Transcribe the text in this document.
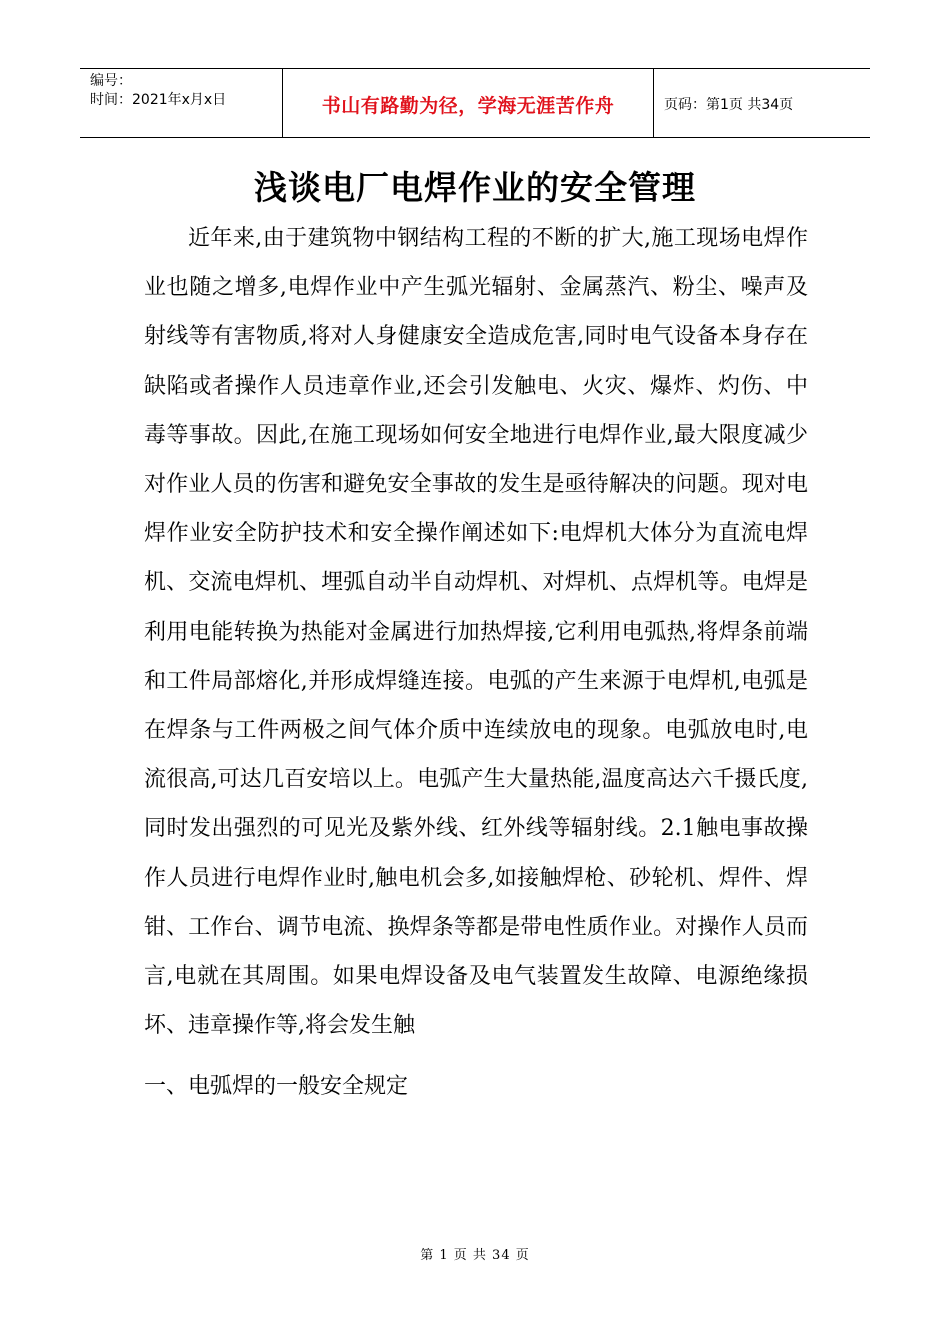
编号：
时间：2021年x月x日	书山有路勤为径，学海无涯苦作舟	页码：第1页 共34页
浅谈电厂电焊作业的安全管理

近年来,由于建筑物中钢结构工程的不断的扩大,施工现场电焊作业也随之增多,电焊作业中产生弧光辐射、金属蒸汽、粉尘、噪声及射线等有害物质,将对人身健康安全造成危害,同时电气设备本身存在缺陷或者操作人员违章作业,还会引发触电、火灾、爆炸、灼伤、中毒等事故。因此,在施工现场如何安全地进行电焊作业,最大限度减少对作业人员的伤害和避免安全事故的发生是亟待解决的问题。现对电焊作业安全防护技术和安全操作阐述如下:电焊机大体分为直流电焊机、交流电焊机、埋弧自动半自动焊机、对焊机、点焊机等。电焊是利用电能转换为热能对金属进行加热焊接,它利用电弧热,将焊条前端和工件局部熔化,并形成焊缝连接。电弧的产生来源于电焊机,电弧是在焊条与工件两极之间气体介质中连续放电的现象。电弧放电时,电流很高,可达几百安培以上。电弧产生大量热能,温度高达六千摄氏度,同时发出强烈的可见光及紫外线、红外线等辐射线。2.1触电事故操作人员进行电焊作业时,触电机会多,如接触焊枪、砂轮机、焊件、焊钳、工作台、调节电流、换焊条等都是带电性质作业。对操作人员而言,电就在其周围。如果电焊设备及电气装置发生故障、电源绝缘损坏、违章操作等,将会发生触

一、电弧焊的一般安全规定

第 1 页 共 34 页
